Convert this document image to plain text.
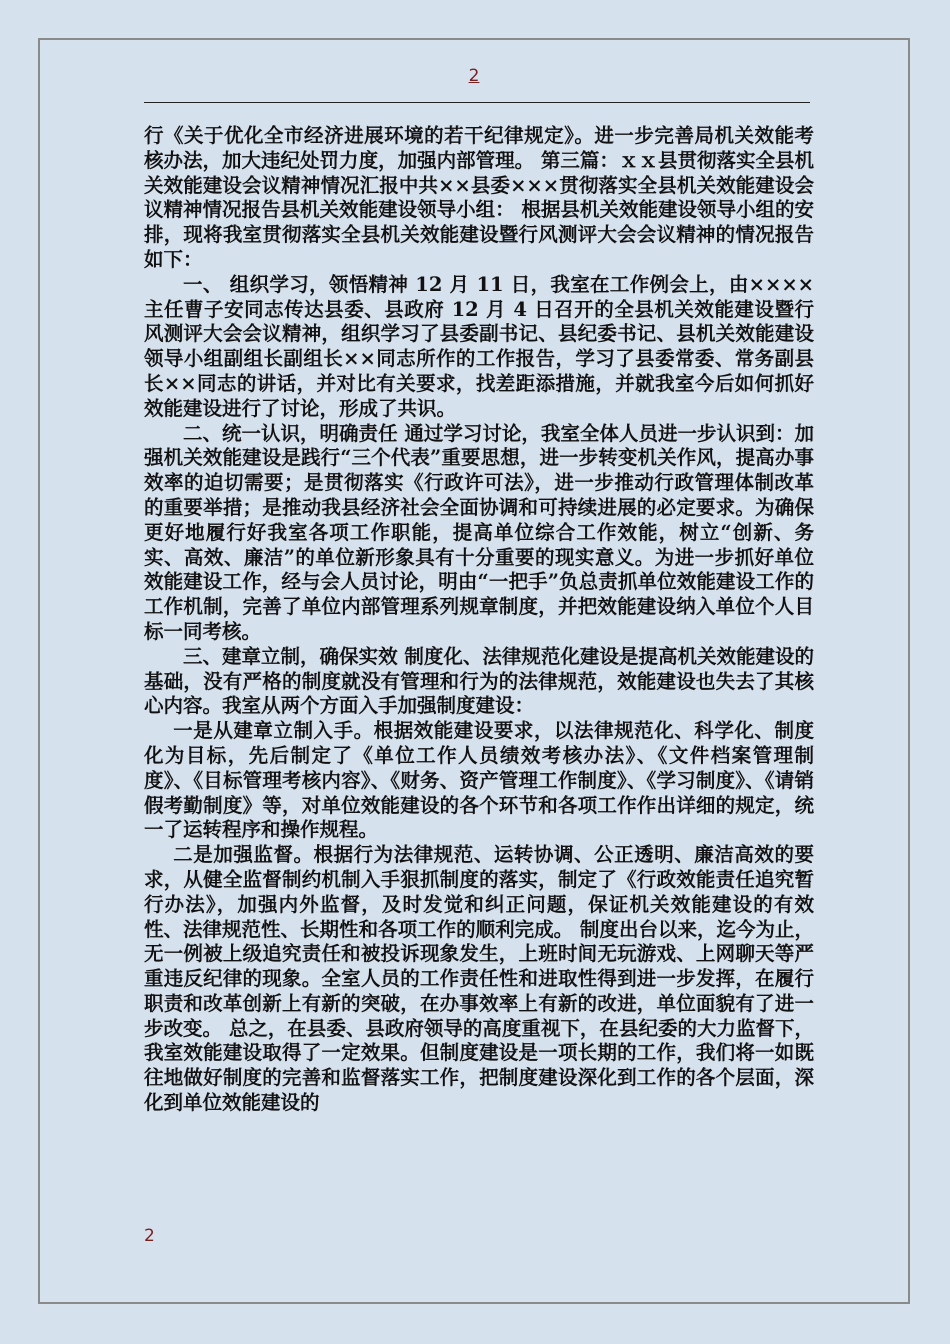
2

行《关于优化全市经济进展环境的若干纪律规定》。进一步完善局机关效能考核办法，加大违纪处罚力度，加强内部管理。 第三篇：ｘｘ县贯彻落实全县机关效能建设会议精神情况汇报中共××县委×××贯彻落实全县机关效能建设会议精神情况报告县机关效能建设领导小组： 根据县机关效能建设领导小组的安排，现将我室贯彻落实全县机关效能建设暨行风测评大会会议精神的情况报告如下：

一、 组织学习，领悟精神 12 月 11 日，我室在工作例会上，由××××主任曹子安同志传达县委、县政府 12 月 4 日召开的全县机关效能建设暨行风测评大会会议精神，组织学习了县委副书记、县纪委书记、县机关效能建设领导小组副组长副组长××同志所作的工作报告，学习了县委常委、常务副县长××同志的讲话，并对比有关要求，找差距添措施，并就我室今后如何抓好效能建设进行了讨论，形成了共识。

二、统一认识，明确责任 通过学习讨论，我室全体人员进一步认识到：加强机关效能建设是践行“三个代表”重要思想，进一步转变机关作风，提高办事效率的迫切需要；是贯彻落实《行政许可法》，进一步推动行政管理体制改革的重要举措；是推动我县经济社会全面协调和可持续进展的必定要求。为确保更好地履行好我室各项工作职能，提高单位综合工作效能，树立“创新、务实、高效、廉洁”的单位新形象具有十分重要的现实意义。为进一步抓好单位效能建设工作，经与会人员讨论，明由“一把手”负总责抓单位效能建设工作的工作机制，完善了单位内部管理系列规章制度，并把效能建设纳入单位个人目标一同考核。

三、建章立制，确保实效 制度化、法律规范化建设是提高机关效能建设的基础，没有严格的制度就没有管理和行为的法律规范，效能建设也失去了其核心内容。我室从两个方面入手加强制度建设：

一是从建章立制入手。根据效能建设要求，以法律规范化、科学化、制度化为目标，先后制定了《单位工作人员绩效考核办法》、《文件档案管理制度》、《目标管理考核内容》、《财务、资产管理工作制度》、《学习制度》、《请销假考勤制度》等，对单位效能建设的各个环节和各项工作作出详细的规定，统一了运转程序和操作规程。

二是加强监督。根据行为法律规范、运转协调、公正透明、廉洁高效的要求，从健全监督制约机制入手狠抓制度的落实，制定了《行政效能责任追究暂行办法》，加强内外监督，及时发觉和纠正问题，保证机关效能建设的有效性、法律规范性、长期性和各项工作的顺利完成。 制度出台以来，迄今为止，无一例被上级追究责任和被投诉现象发生，上班时间无玩游戏、上网聊天等严重违反纪律的现象。全室人员的工作责任性和进取性得到进一步发挥，在履行职责和改革创新上有新的突破，在办事效率上有新的改进，单位面貌有了进一步改变。 总之，在县委、县政府领导的高度重视下，在县纪委的大力监督下，我室效能建设取得了一定效果。但制度建设是一项长期的工作，我们将一如既往地做好制度的完善和监督落实工作，把制度建设深化到工作的各个层面，深化到单位效能建设的

2
